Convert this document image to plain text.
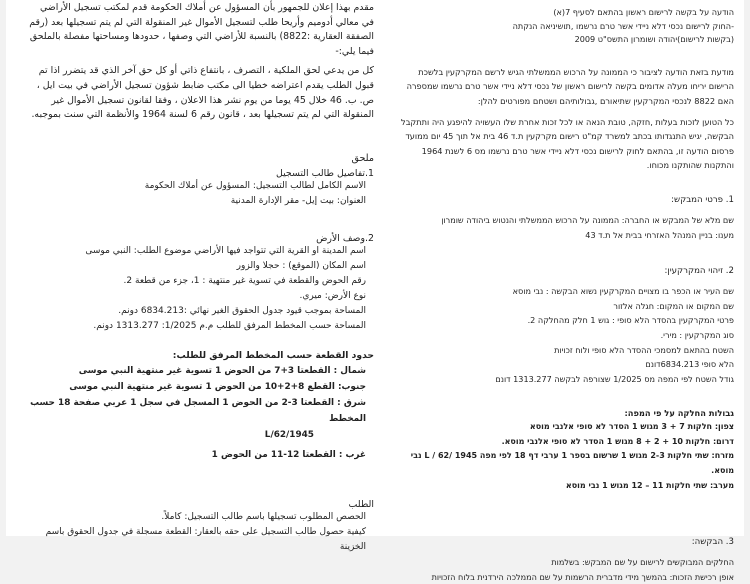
مقدم بهذا إعلان للجمهور بأن المسؤول عن أملاك الحكومة قدم لمكتب تسجيل الأراضي في معالي أدوميم وأريحا طلب لتسجيل الأموال غير المنقولة التي لم يتم تسجيلها بعد (رقم الصفقة العقارية :8822) بالنسبة للأراضي التي وصفها ، حدودها ومساحتها مفصلة بالملحق فيما يلي:-

كل من يدعي لحق الملكية ، التصرف ، بانتفاع ذاتي أو كل حق آخر الذي قد يتضرر اذا تم قبول الطلب يقدم اعتراضه خطيا الى مكتب ضابط شؤون تسجيل الأراضي في بيت ايل ، ص. ب. 46 خلال 45 يوما من يوم نشر هذا الاعلان ، وفقا لقانون تسجيل الأموال غير المنقولة التي لم يتم تسجيلها بعد ، قانون رقم 6 لسنة 1964 والأنظمة التي سنت بموجبه.

ملحق

1.تفاصيل طالب التسجيل

الاسم الكامل لطالب التسجيل: المسؤول عن أملاك الحكومة

العنوان: بيت إيل- مقر الإدارة المدنية

2.وصف الأرض

اسم المدينة او القرية التي تتواجد فيها الأراضي موضوع الطلب: النبي موسى

اسم المكان (الموقع) : حجلا والزور

رقم الحوض والقطعة في تسوية غير منتهية : 1، جزء من قطعة 2.

نوع الأرض: ميري.

المساحة بموجب قيود جدول الحقوق الغير نهائي :6834.213 دونم.

المساحة حسب المخطط المرفق للطلب م.م 1/2025: 1313.277 دونم.

حدود القطعة حسب المخطط المرفق للطلب:

شمال : القطعتا 3+7 من الحوض 1 تسوية غير منتهية النبي موسى

جنوب: القطع 8+2+10 من الحوض 1 تسوية غير منتهية النبي موسى

شرق : القطعتا 3-2 من الحوض 1 المسجل في سجل 1 عربي صفحة 18 حسب المخطط

L/62/1945

غرب : القطعتا 12-11 من الحوض 1

الطلب

الحصص المطلوب تسجيلها باسم طالب التسجيل: كاملاً.

كيفية حصول طالب التسجيل على حقه بالعقار: القطعة مسجلة في جدول الحقوق باسم الخزينة

הודעה על בקשה לרישום ראשון בהתאם לסעיף 7(א)

-החוק לרישום נכסי דלא ניידי אשר טרם נרשמו ,תושיניאה הנקתה

(בקשות לרישום)יהודה ושומרון התשס"ט 2009

מודעת בזאת הודעה לציבור כי הממונה על הרכוש הממשלתי הגיש לרשם המקרקעין בלשכת הרישום יריחו מעלה אדומים בקשה לרישום ראשון של נכסי דלא ניידי אשר טרם נרשמו שמספרה האם 8822 לנכסי המקרקעין שתיאורם ,גבולותיהם ושטחם מפורטים להלן:

כל הטוען לזכות בעלות ,חזקה, טובת הנאה או לכל זכות אחרת שלו העשויה להיפגע היה ותתקבל הבקשה, יגיש התנגדותו בכתב למשרד קמ"ט רישום מקרקעין ת.ד 46 בית אל תוך 45 יום ממועד פרסום הודעה זו, בהתאם לחוק לרישום נכסי דלא ניידי אשר טרם נרשמו מס 6 לשנת 1964 והתקנות שהותקנו מכוחו.

1. פרטי המבקש:

שם מלא של המבקש או החברה: הממונה על הרכוש הממשלתי והנטוש ביהודה שומרון

מענו: בניין המנהל האזרחי בבית אל ת.ד 43

2. זיהוי המקרקעין:

שם העיר או הכפר בו מצויים המקרקעין נשוא הבקשה : נבי מוסא

שם המקום או המקום: חגלה אלזור

פרטי המקרקעין בהסדר הלא סופי : גוש 1 חלק מהחלקה 2.

סוג המקרקעין : מירי.

השטח בהתאם למסמכי ההסדר הלא סופי ולוח זכויות

הלא סופי 6834.213דונם

גודל השטח לפי המפה מס 1/2025 שצורפה לבקשה 1313.277 דונם

גבולות החלקה על פי המפה:

צפון: חלקות 7 + 3 מגוש 1 הסדר לא סופי אלנבי מוסא

דרום: חלקות 10 + 2 + 8 מגוש 1 הסדר לא סופי אלנבי מוסא.

מזרח: שתי חלקות 2-3 מגוש 1 שרשום בספר 1 ערבי דף 18 לפי מפה L / 62/ 1945 נבי מוסא.

מערב: שתי חלקות 11 – 12 מגוש 1 נבי מוסא

3. הבקשה:

החלקים המבוקשים לרישום על שם המבקש: בשלמות

אופן רכישת הזכות: בהמשך מידי מדברית הרשמות על שם הממלכה הירדנית בלוח הזכויות
